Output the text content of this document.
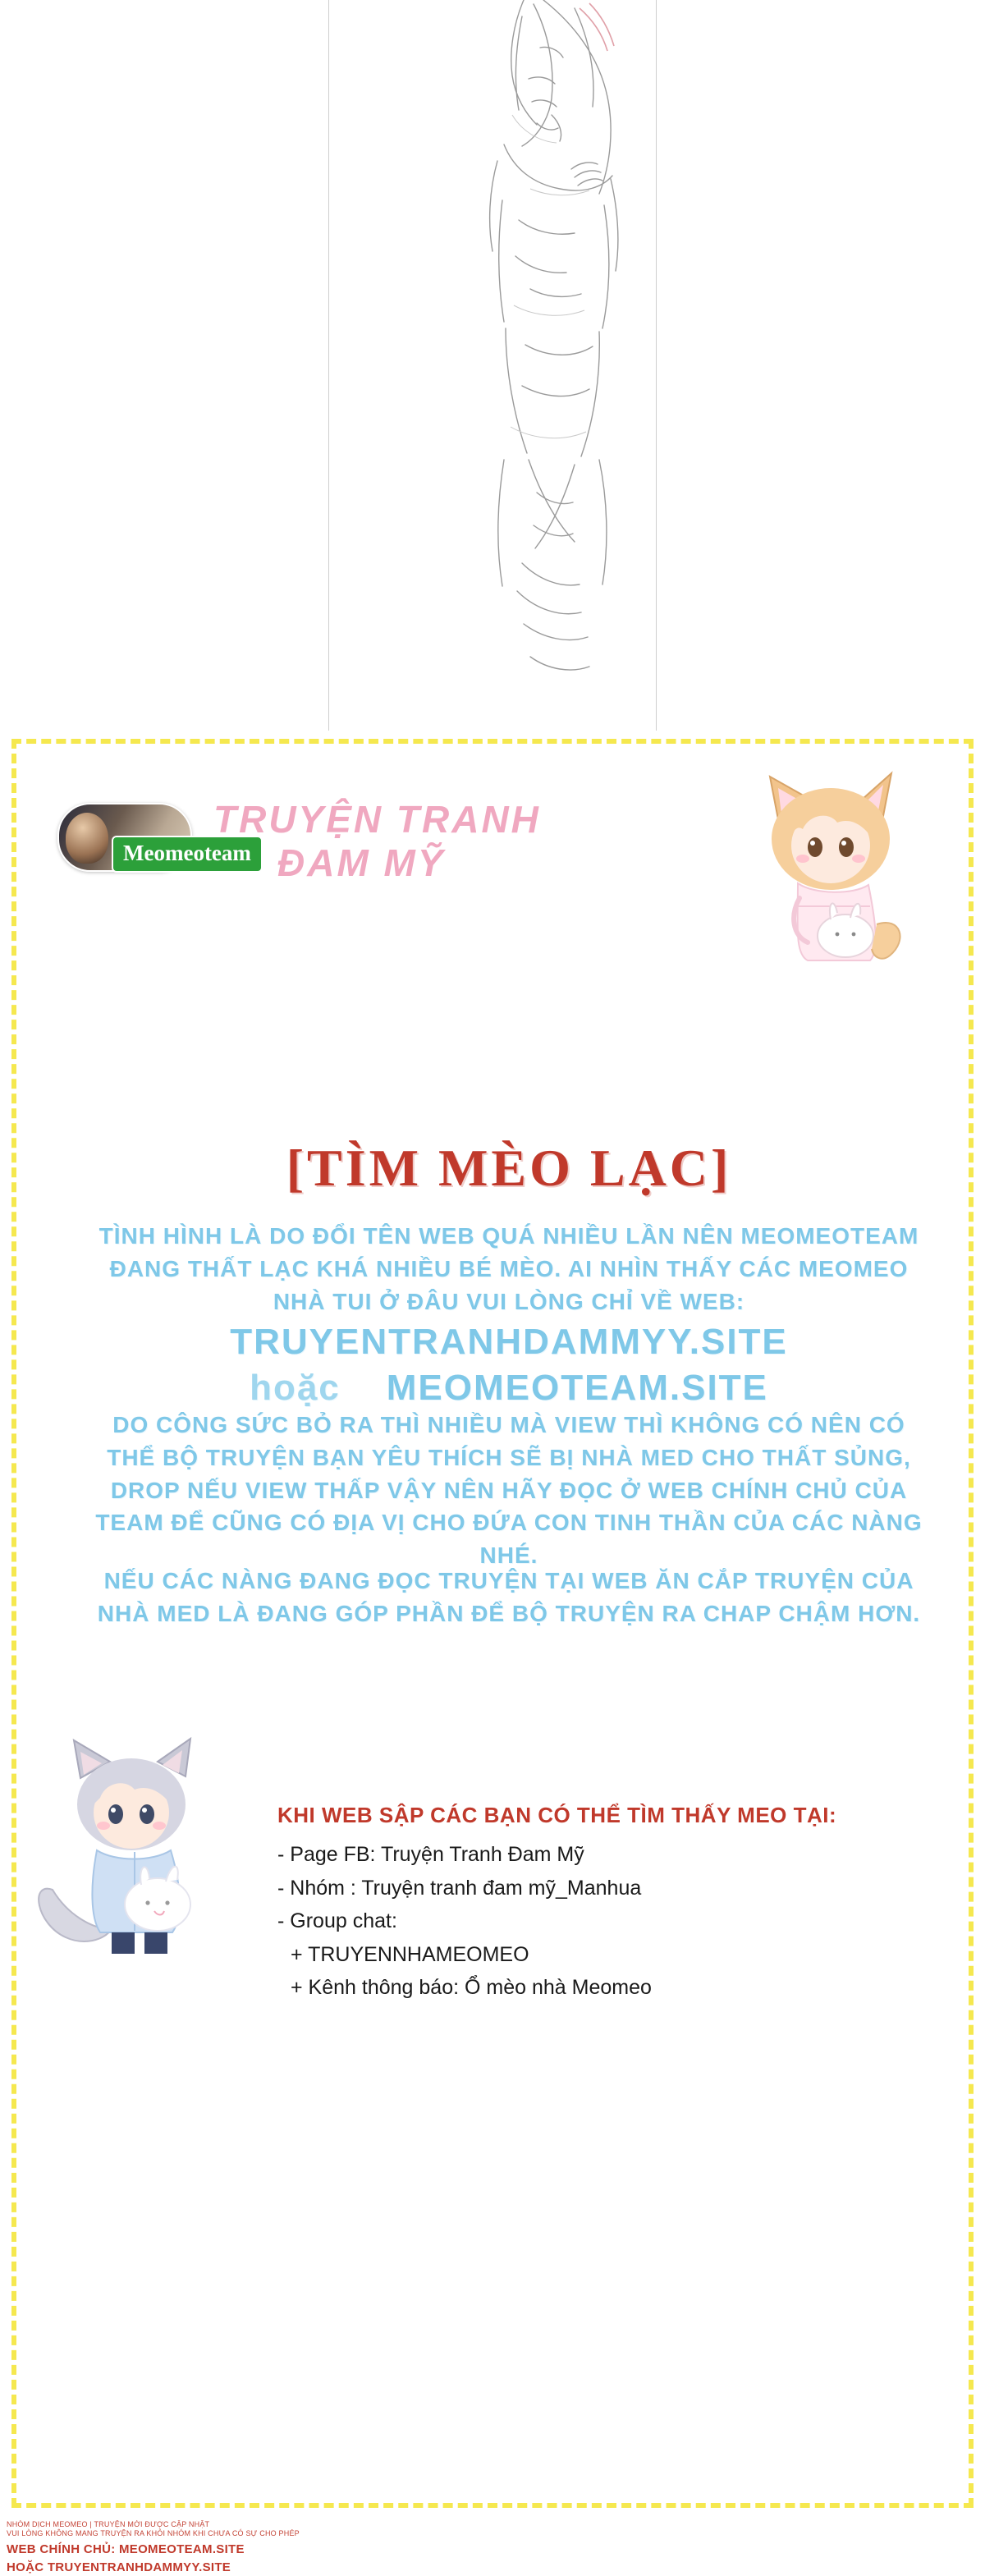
Meomeoteam
TRUYỆN TRANH
ĐAM MỸ
[TÌM MÈO LẠC]
TÌNH HÌNH LÀ DO ĐỔI TÊN WEB QUÁ NHIỀU LẦN NÊN MEOMEOTEAM ĐANG THẤT LẠC KHÁ NHIỀU BÉ MÈO. AI NHÌN THẤY CÁC MEOMEO NHÀ TUI Ở ĐÂU VUI LÒNG CHỈ VỀ WEB:
TRUYENTRANHDAMMYY.SITE
hoặc MEOMEOTEAM.SITE
DO CÔNG SỨC BỎ RA THÌ NHIỀU MÀ VIEW THÌ KHÔNG CÓ NÊN CÓ THỂ BỘ TRUYỆN BẠN YÊU THÍCH SẼ BỊ NHÀ MED CHO THẤT SỦNG, DROP NẾU VIEW THẤP VẬY NÊN HÃY ĐỌC Ở WEB CHÍNH CHỦ CỦA TEAM ĐỂ CŨNG CÓ ĐỊA VỊ CHO ĐỨA CON TINH THẦN CỦA CÁC NÀNG NHÉ.
NẾU CÁC NÀNG ĐANG ĐỌC TRUYỆN TẠI WEB ĂN CẮP TRUYỆN CỦA NHÀ MED LÀ ĐANG GÓP PHẦN ĐỂ BỘ TRUYỆN RA CHAP CHẬM HƠN.
KHI WEB SẬP CÁC BẠN CÓ THỂ TÌM THẤY MEO TẠI:
- Page FB: Truyện Tranh Đam Mỹ
- Nhóm : Truyện tranh đam mỹ_Manhua
- Group chat:
+ TRUYENNHAMEOMEO
+ Kênh thông báo: Ổ mèo nhà Meomeo
NHÓM DỊCH MEOMEO | TRUYỆN MỚI ĐƯỢC CẬP NHẬT
VUI LÒNG KHÔNG MANG TRUYỆN RA KHỎI NHÓM KHI CHƯA CÓ SỰ CHO PHÉP
WEB CHÍNH CHỦ: MEOMEOTEAM.SITE
HOẶC TRUYENTRANHDAMMYY.SITE
